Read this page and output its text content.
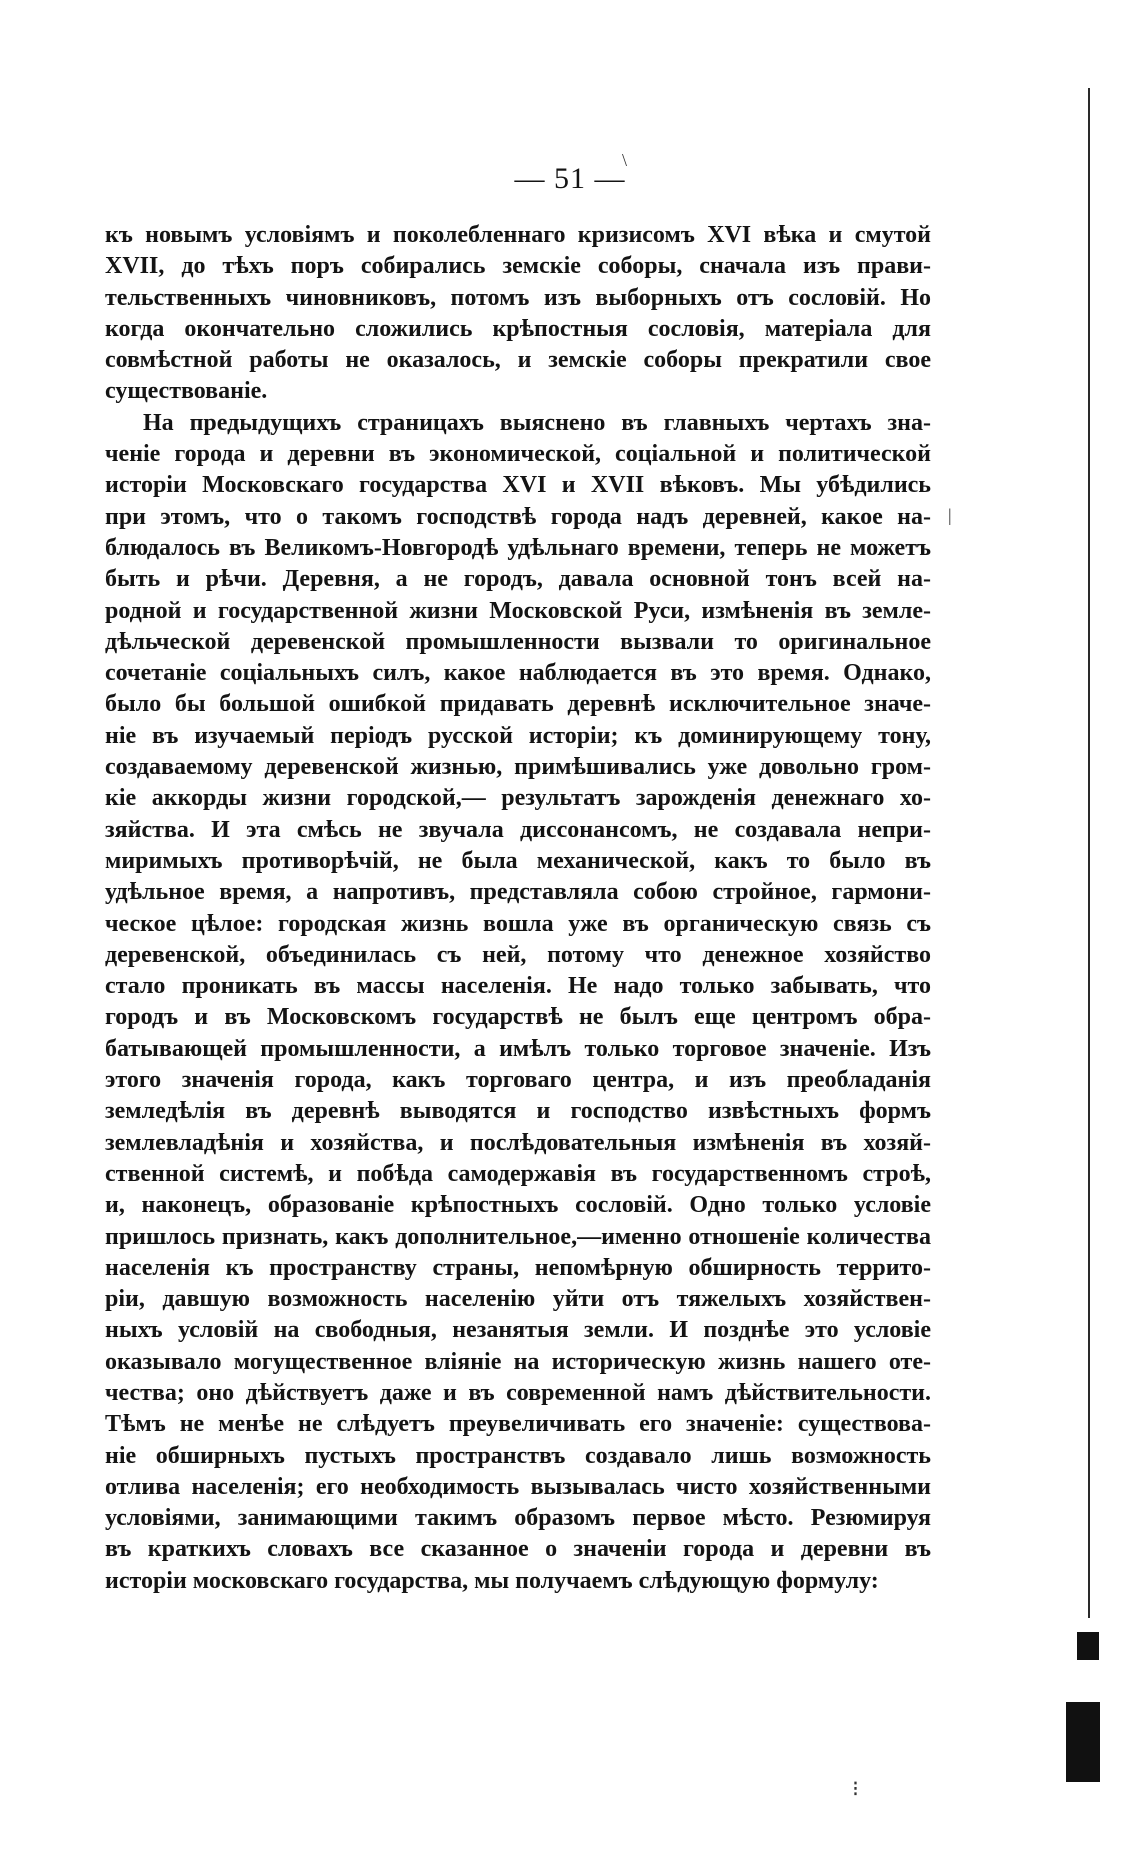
\
|
⁝
— 51 —
къ новымъ условіямъ и поколебленнаго кризисомъ XVI вѣка и смутой
XVII, до тѣхъ поръ собирались земскіе соборы, сначала изъ прави-
тельственныхъ чиновниковъ, потомъ изъ выборныхъ отъ сословій. Но
когда окончательно сложились крѣпостныя сословія, матеріала для
совмѣстной работы не оказалось, и земскіе соборы прекратили свое
существованіе.
На предыдущихъ страницахъ выяснено въ главныхъ чертахъ зна-
ченіе города и деревни въ экономической, соціальной и политической
исторіи Московскаго государства XVI и XVII вѣковъ. Мы убѣдились
при этомъ, что о такомъ господствѣ города надъ деревней, какое на-
блюдалось въ Великомъ-Новгородѣ удѣльнаго времени, теперь не можетъ
быть и рѣчи. Деревня, а не городъ, давала основной тонъ всей на-
родной и государственной жизни Московской Руси, измѣненія въ земле-
дѣльческой деревенской промышленности вызвали то оригинальное
сочетаніе соціальныхъ силъ, какое наблюдается въ это время. Однако,
было бы большой ошибкой придавать деревнѣ исключительное значе-
ніе въ изучаемый періодъ русской исторіи; къ доминирующему тону,
создаваемому деревенской жизнью, примѣшивались уже довольно гром-
кіе аккорды жизни городской,— результатъ зарожденія денежнаго хо-
зяйства. И эта смѣсь не звучала диссонансомъ, не создавала непри-
миримыхъ противорѣчій, не была механической, какъ то было въ
удѣльное время, а напротивъ, представляла собою стройное, гармони-
ческое цѣлое: городская жизнь вошла уже въ органическую связь съ
деревенской, объединилась съ ней, потому что денежное хозяйство
стало проникать въ массы населенія. Не надо только забывать, что
городъ и въ Московскомъ государствѣ не былъ еще центромъ обра-
батывающей промышленности, а имѣлъ только торговое значеніе. Изъ
этого значенія города, какъ торговаго центра, и изъ преобладанія
земледѣлія въ деревнѣ выводятся и господство извѣстныхъ формъ
землевладѣнія и хозяйства, и послѣдовательныя измѣненія въ хозяй-
ственной системѣ, и побѣда самодержавія въ государственномъ строѣ,
и, наконецъ, образованіе крѣпостныхъ сословій. Одно только условіе
пришлось признать, какъ дополнительное,—именно отношеніе количества
населенія къ пространству страны, непомѣрную обширность террито-
ріи, давшую возможность населенію уйти отъ тяжелыхъ хозяйствен-
ныхъ условій на свободныя, незанятыя земли. И позднѣе это условіе
оказывало могущественное вліяніе на историческую жизнь нашего оте-
чества; оно дѣйствуетъ даже и въ современной намъ дѣйствительности.
Тѣмъ не менѣе не слѣдуетъ преувеличивать его значеніе: существова-
ніе обширныхъ пустыхъ пространствъ создавало лишь возможность
отлива населенія; его необходимость вызывалась чисто хозяйственными
условіями, занимающими такимъ образомъ первое мѣсто. Резюмируя
въ краткихъ словахъ все сказанное о значеніи города и деревни въ
исторіи московскаго государства, мы получаемъ слѣдующую формулу:
